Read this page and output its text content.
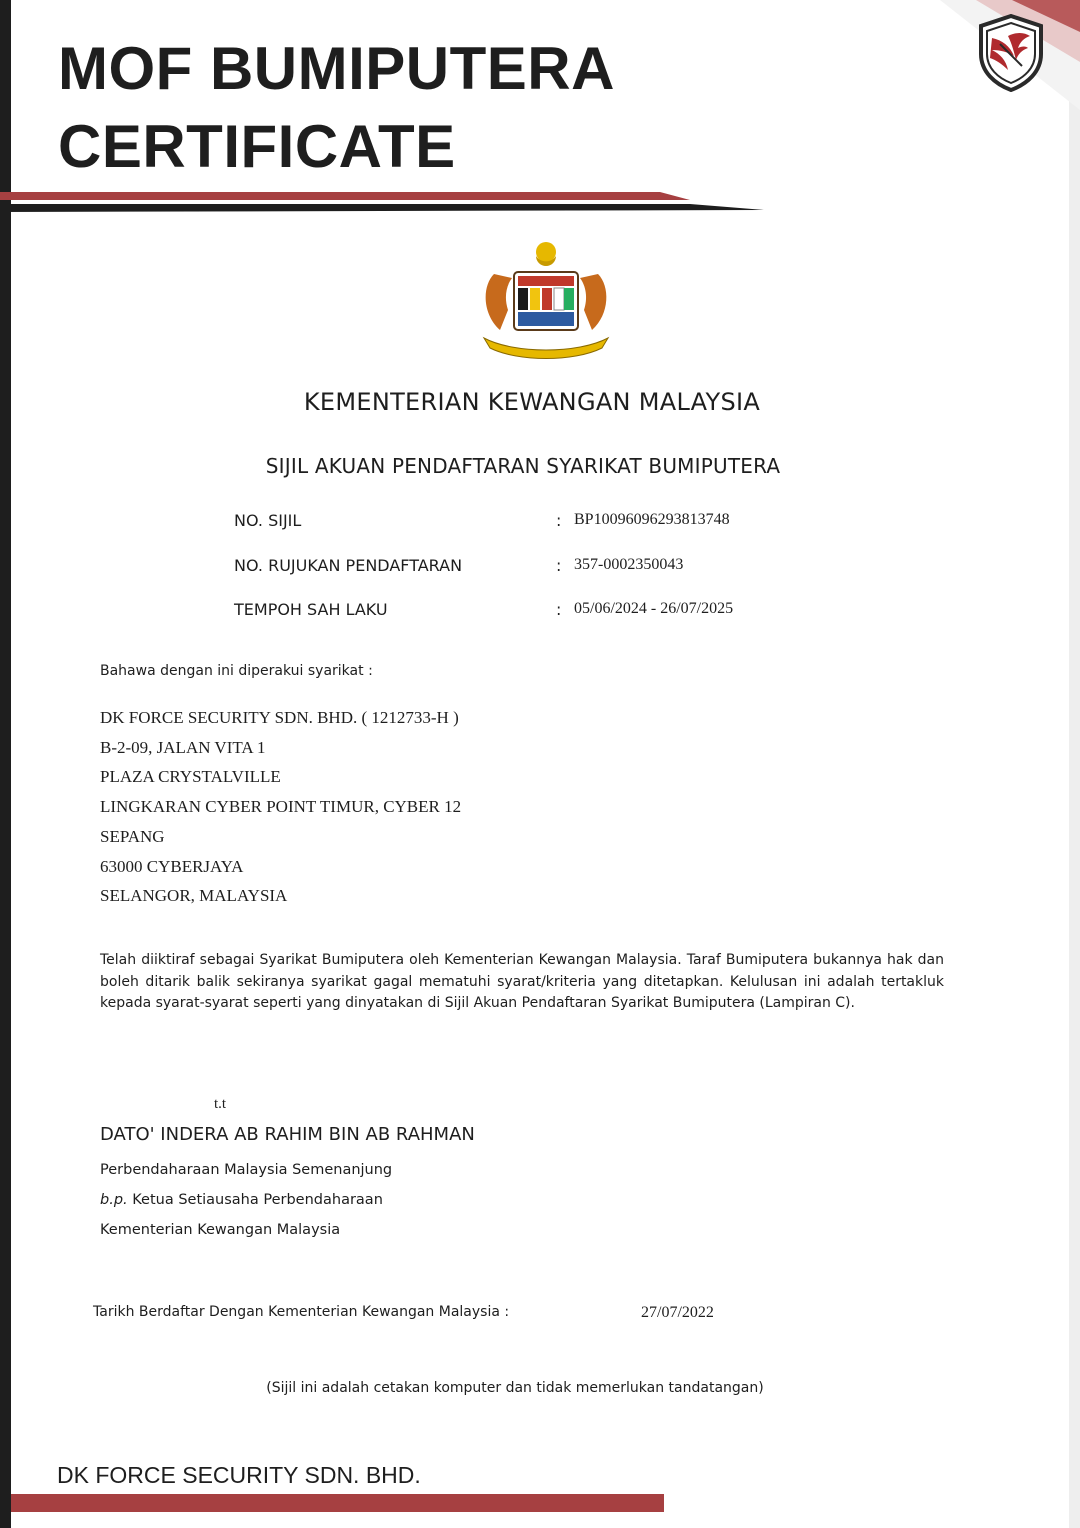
MOF BUMIPUTERA
CERTIFICATE
KEMENTERIAN KEWANGAN MALAYSIA
SIJIL AKUAN PENDAFTARAN SYARIKAT BUMIPUTERA
NO. SIJIL	: BP10096096293813748
NO. RUJUKAN PENDAFTARAN	: 357-0002350043
TEMPOH SAH LAKU	: 05/06/2024 - 26/07/2025
Bahawa dengan ini diperakui syarikat :
DK FORCE SECURITY SDN. BHD. ( 1212733-H )
B-2-09, JALAN VITA 1
PLAZA CRYSTALVILLE
LINGKARAN CYBER POINT TIMUR, CYBER 12
SEPANG
63000 CYBERJAYA
SELANGOR, MALAYSIA
Telah diiktiraf sebagai Syarikat Bumiputera oleh Kementerian Kewangan Malaysia. Taraf Bumiputera bukannya hak dan boleh ditarik balik sekiranya syarikat gagal mematuhi syarat/kriteria yang ditetapkan. Kelulusan ini adalah tertakluk kepada syarat-syarat seperti yang dinyatakan di Sijil Akuan Pendaftaran Syarikat Bumiputera (Lampiran C).
t.t
DATO' INDERA AB RAHIM BIN AB RAHMAN
Perbendaharaan Malaysia Semenanjung
b.p. Ketua Setiausaha Perbendaharaan
Kementerian Kewangan Malaysia
Tarikh Berdaftar Dengan Kementerian Kewangan Malaysia :	27/07/2022
(Sijil ini adalah cetakan komputer dan tidak memerlukan tandatangan)
DK FORCE SECURITY SDN. BHD.
